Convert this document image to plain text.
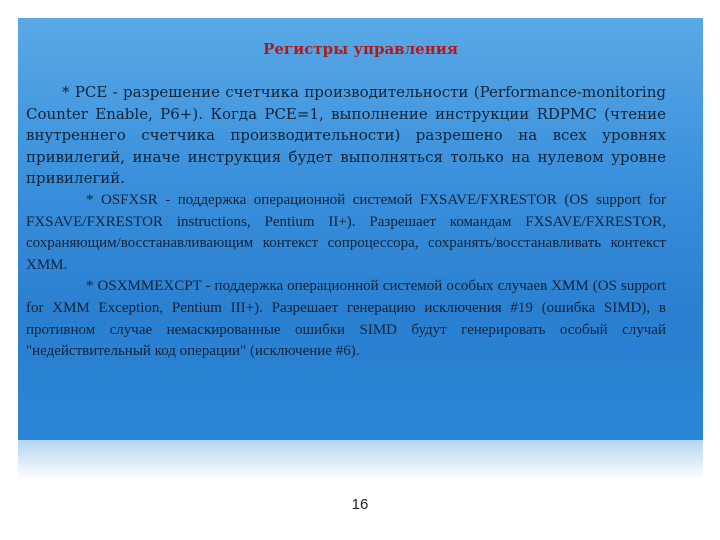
Регистры управления

* PCE - разрешение счетчика производительности (Performance-monitoring Counter Enable, P6+). Когда PCE=1, выполнение инструкции RDPMC (чтение внутреннего счетчика производительности) разрешено на всех уровнях привилегий, иначе инструкция будет выполняться только на нулевом уровне привилегий.

* OSFXSR - поддержка операционной системой FXSAVE/FXRESTOR (OS support for FXSAVE/FXRESTOR instructions, Pentium II+). Разрешает командам FXSAVE/FXRESTOR, сохраняющим/восстанавливающим контекст сопроцессора, сохранять/восстанавливать контекст XMM.

* OSXMMEXCPT - поддержка операционной системой особых случаев XMM (OS support for XMM Exception, Pentium III+). Разрешает генерацию исключения #19 (ошибка SIMD), в противном случае немаскированные ошибки SIMD будут генерировать особый случай "недействительный код операции" (исключение #6).

16
